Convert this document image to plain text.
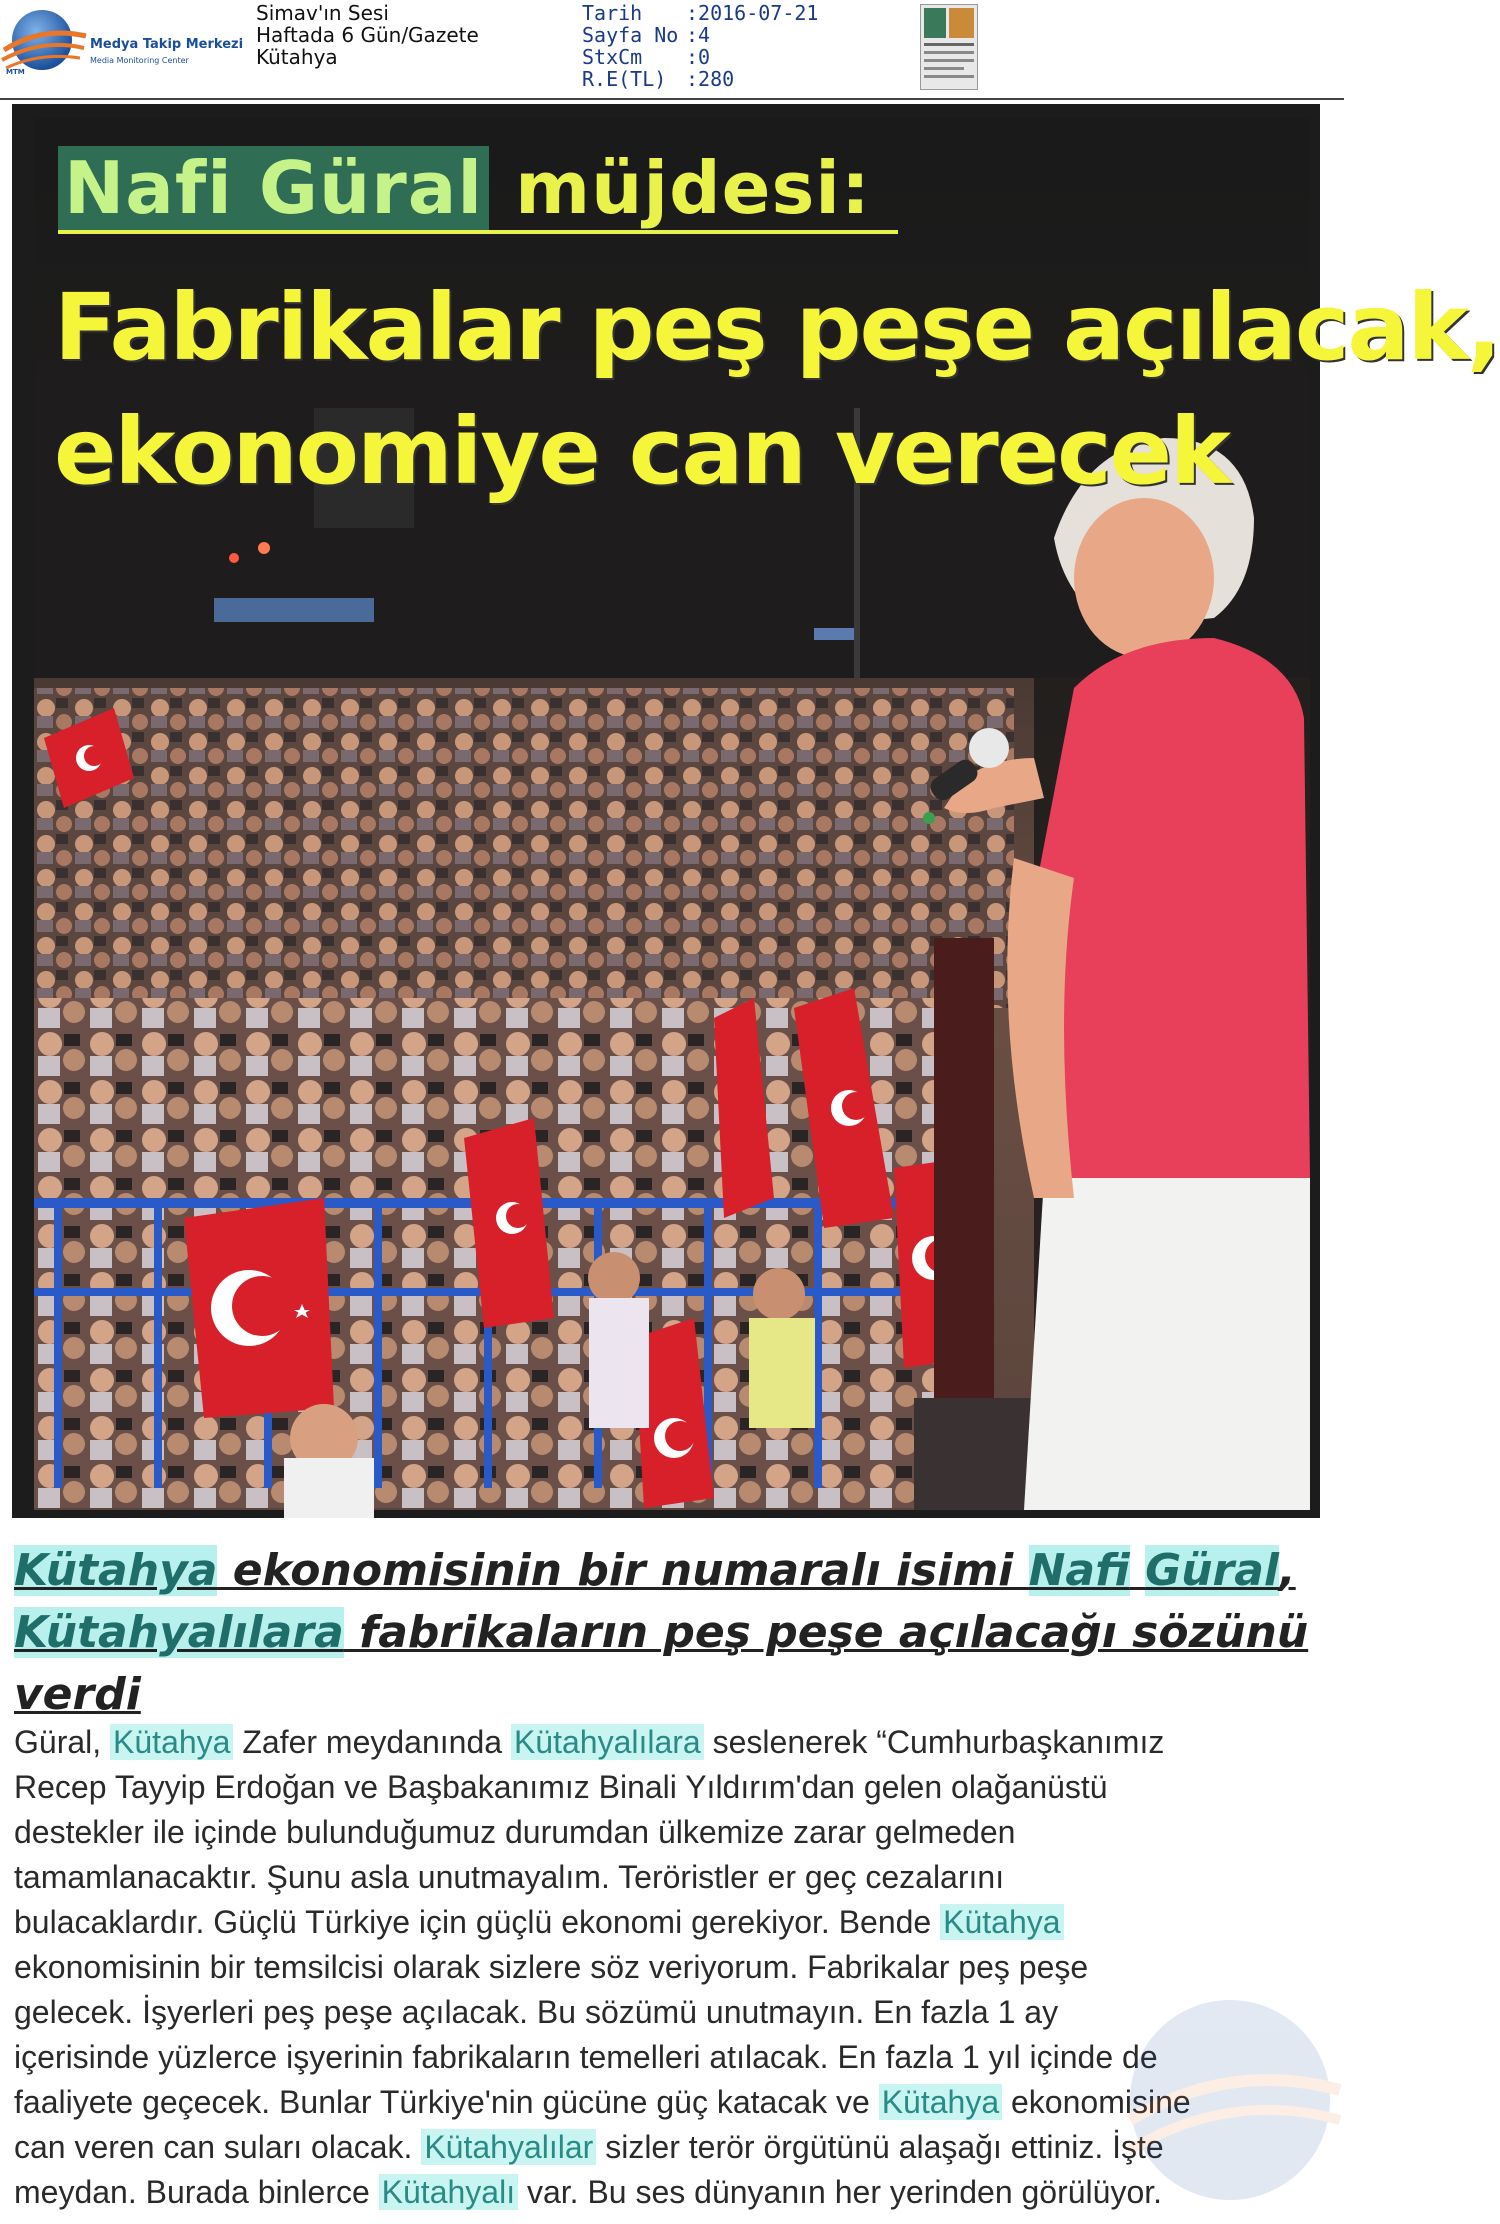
MTM
Medya Takip Merkezi
Media Monitoring Center
Simav'ın Sesi
Haftada 6 Gün/Gazete
Kütahya
Tarih :2016-07-21
Sayfa No :4
StxCm :0
R.E(TL) :280
Nafi Güral müjdesi:
Fabrikalar peş peşe açılacak,
ekonomiye can verecek
Kütahya ekonomisinin bir numaralı isimi Nafi Güral, Kütahyalılara fabrikaların peş peşe açılacağı sözünü verdi
Güral, Kütahya Zafer meydanında Kütahyalılara seslenerek “Cumhurbaşkanımız
Recep Tayyip Erdoğan ve Başbakanımız Binali Yıldırım'dan gelen olağanüstü
destekler ile içinde bulunduğumuz durumdan ülkemize zarar gelmeden
tamamlanacaktır. Şunu asla unutmayalım. Teröristler er geç cezalarını
bulacaklardır. Güçlü Türkiye için güçlü ekonomi gerekiyor. Bende Kütahya
ekonomisinin bir temsilcisi olarak sizlere söz veriyorum. Fabrikalar peş peşe
gelecek. İşyerleri peş peşe açılacak. Bu sözümü unutmayın. En fazla 1 ay
içerisinde yüzlerce işyerinin fabrikaların temelleri atılacak. En fazla 1 yıl içinde de
faaliyete geçecek. Bunlar Türkiye'nin gücüne güç katacak ve Kütahya ekonomisine
can veren can suları olacak. Kütahyalılar sizler terör örgütünü alaşağı ettiniz. İşte
meydan. Burada binlerce Kütahyalı var. Bu ses dünyanın her yerinden görülüyor.
